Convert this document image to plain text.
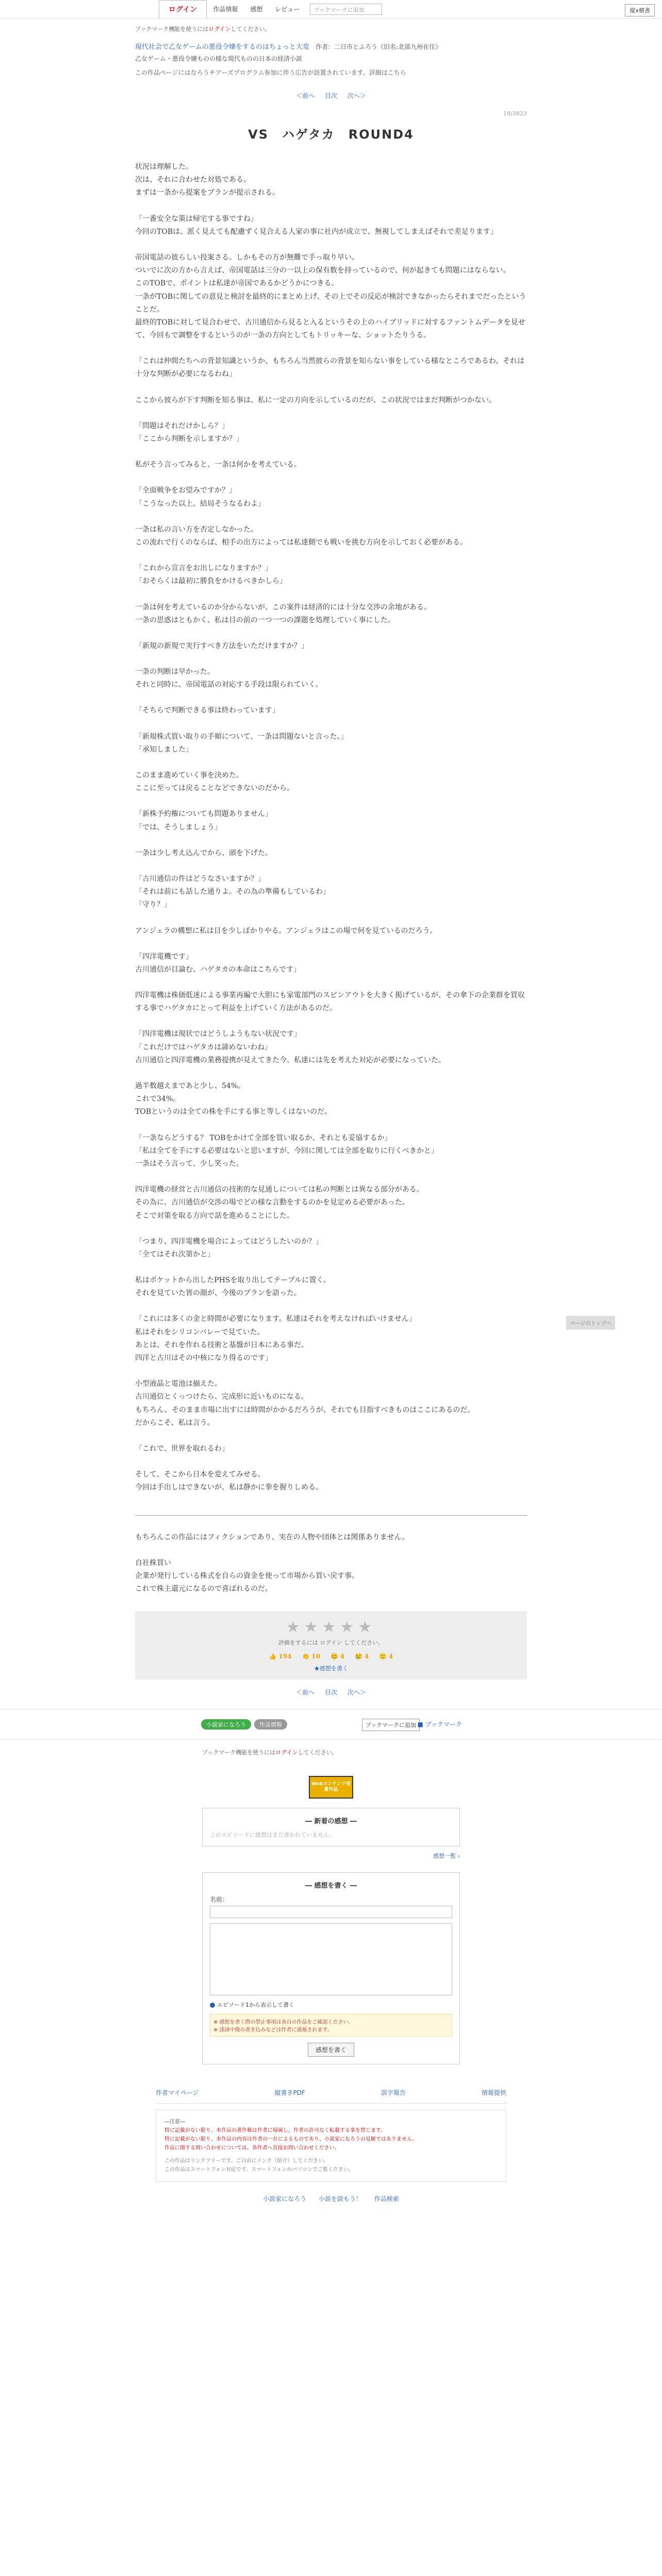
ログイン	作品情報	感想	レビュー	ブックマークに追加	縦x横書
ブックマーク機能を使うにはログインしてください。
現代社会で乙女ゲームの悪役令嬢をするのはちょっと大変 作者：二日市とふろう《旧名:北部九州在住》
乙女ゲーム・悪役令嬢ものの様な現代ものの日本の経済小説
この作品ページにはなろうチアーズプログラム参加に伴う広告が設置されています。詳細はこちら
＜前へ 目次 次へ＞
18/3823
VS　ハゲタカ　ROUND4

状況は理解した。

次は、それに合わせた対処である。

まずは一条から提案をプランが提示される。

「一番安全な策は帰宅する事ですね」

今回のTOBは、派く見えても配慮ずく見合える人家の事に社内が成立で、無視してしまえばそれで差足ります」

帝国電話の彼らしい投案さる。しかもその方が無難で手っ取り早い。

ついでに次の方から言えば、帝国電話は三分の一以上の保有数を持っているので、何が起きても問題にはならない。

このTOBで、ポイントは私達が帝国であるかどうかにつきる。

一条がTOBに関しての意見と検討を最終的にまとめ上げ、その上でその反応が検討できなかったらそれまでだったということだ。

最終的TOBに対して見合わせで、古川通信から見ると入るというその上のハイブリッドに対するファントムデータを見せて、今回もで調整をするというのが一条の方向としてもトリッキーな、ショットたりうる。

「これは仲間たちへの背景知識というか、もちろん当然彼らの背景を知らない事をしている様なところであるわ、それは十分な判断が必要になるわね」

ここから彼らが下す判断を知る事は、私に一定の方向を示しているのだが、この状況ではまだ判断がつかない。

「問題はそれだけかしら？」

「ここから判断を示しますか？」

私がそう言ってみると、一条は何かを考えている。

「全面戦争をお望みですか？」

「こうなった以上、結局そうなるわよ」

一条は私の言い方を否定しなかった。

この流れで行くのならば、相手の出方によっては私達側でも戦いを挑む方向を示しておく必要がある。

「これから宣言をお出しになりますか？」

「おそらくは最初に勝負をかけるべきかしら」

一条は何を考えているのか分からないが、この案件は経済的には十分な交渉の余地がある。

一条の思惑はともかく、私は目の前の一つ一つの課題を処理していく事にした。

「新規の新規で実行すべき方法をいただけますか？」

一条の判断は早かった。

それと同時に、帝国電話の対応する手段は限られていく。

「そちらで判断できる事は終わっています」

「新規株式買い取りの手順について、一条は問題ないと言った。」

「承知しました」

このまま進めていく事を決めた。

ここに至っては戻ることなどできないのだから。

「新株予約権についても問題ありません」

「では、そうしましょう」

一条は少し考え込んでから、頭を下げた。

「古川通信の件はどうなさいますか？」

「それは前にも話した通りよ。その為の準備もしているわ」

「守り？」

アンジェラの構想に私は目を少しばかりやる。アンジェラはこの場で何を見ているのだろう。

「四洋電機です」

古川通信が目論む、ハゲタカの本命はこちらです」

四洋電機は株価低迷による事業再編で大胆にも家電部門のスピンアウトを大きく掲げているが、その傘下の企業群を買収する事でハゲタカにとって利益を上げていく方法があるのだ。

「四洋電機は現状ではどうしようもない状況です」

「これだけではハゲタカは諦めないわね」

古川通信と四洋電機の業務提携が見えてきた今、私達には先を考えた対応が必要になっていた。

過半数越えまであと少し、54%。

これで34%。

TOBというのは全ての株を手にする事と等しくはないのだ。

「一条ならどうする？ TOBをかけて全部を買い取るか、それとも妥協するか」

「私は全てを手にする必要はないと思いますが、今回に関しては全部を取りに行くべきかと」

一条はそう言って、少し笑った。

四洋電機の経営と古川通信の技術的な見通しについては私の判断とは異なる部分がある。

その為に、古川通信が交渉の場でどの様な言動をするのかを見定める必要があった。

そこで対策を取る方向で話を進めることにした。

「つまり、四洋電機を場合によってはどうしたいのか？」

「全てはそれ次第かと」

私はポケットから出したPHSを取り出してテーブルに置く。

それを見ていた皆の顔が、今後のプランを語った。

「これには多くの金と時間が必要になります。私達はそれを考えなければいけません」

私はそれをシリコンバレーで見ていた。

あとは、それを作れる技術と基盤が日本にある事だ。

四洋と古川はその中核になり得るのです」

小型液晶と電池は揃えた。

古川通信とくっつけたら、完成形に近いものになる。

もちろん、そのまま市場に出すには時間がかかるだろうが、それでも目指すべきものはここにあるのだ。

だからこそ、私は言う。

「これで、世界を取れるわ」

そして、そこから日本を変えてみせる。

今回は手出しはできないが、私は静かに拳を握りしめる。

もちろんこの作品にはフィクションであり、実在の人物や団体とは関係ありません。

自社株買い

企業が発行している株式を自らの資金を使って市場から買い戻す事。

これで株主還元になるので喜ばれるのだ。

★★★★★
評価をするには ログイン してください。
👍 194 👏 10 😊 4 😢 4 🙂 4
★感想を書く
＜前へ 目次 次へ＞
小説家になろう	作品情報	ブックマークに追加 ■ ブックマーク
ブックマーク機能を使うにはログインしてください。
Webコンテンツ受賞作品
― 新着の感想 ―
このエピソードに感想はまだ書かれていません。
感想一覧 ›
― 感想を書く ―
名前：
エピソード1から表示して書く
※ 感想を書く際の禁止事項は各自の作品をご確認ください。
※ 誹謗中傷の書き込みなどは作者に通報されます。
感想を書く
作者マイページ	縦書きPDF	誤字報告	情報提供
―注意―
特に記載がない限り、本作品の著作権は作者に帰属し、作者の許可なく転載する事を禁じます。
特に記載がない限り、本作品の内容は作者の一存によるものであり、小説家になろうの見解ではありません。
作品に関する問い合わせについては、各作者へ直接お問い合わせください。
この作品はリンクフリーです。ご自由にリンク（紹介）してください。
この作品はスマートフォン対応です。スマートフォンかパソコンでご覧ください。
小説家になろう 小説を読もう！ 作品検索
ページのトップへ
